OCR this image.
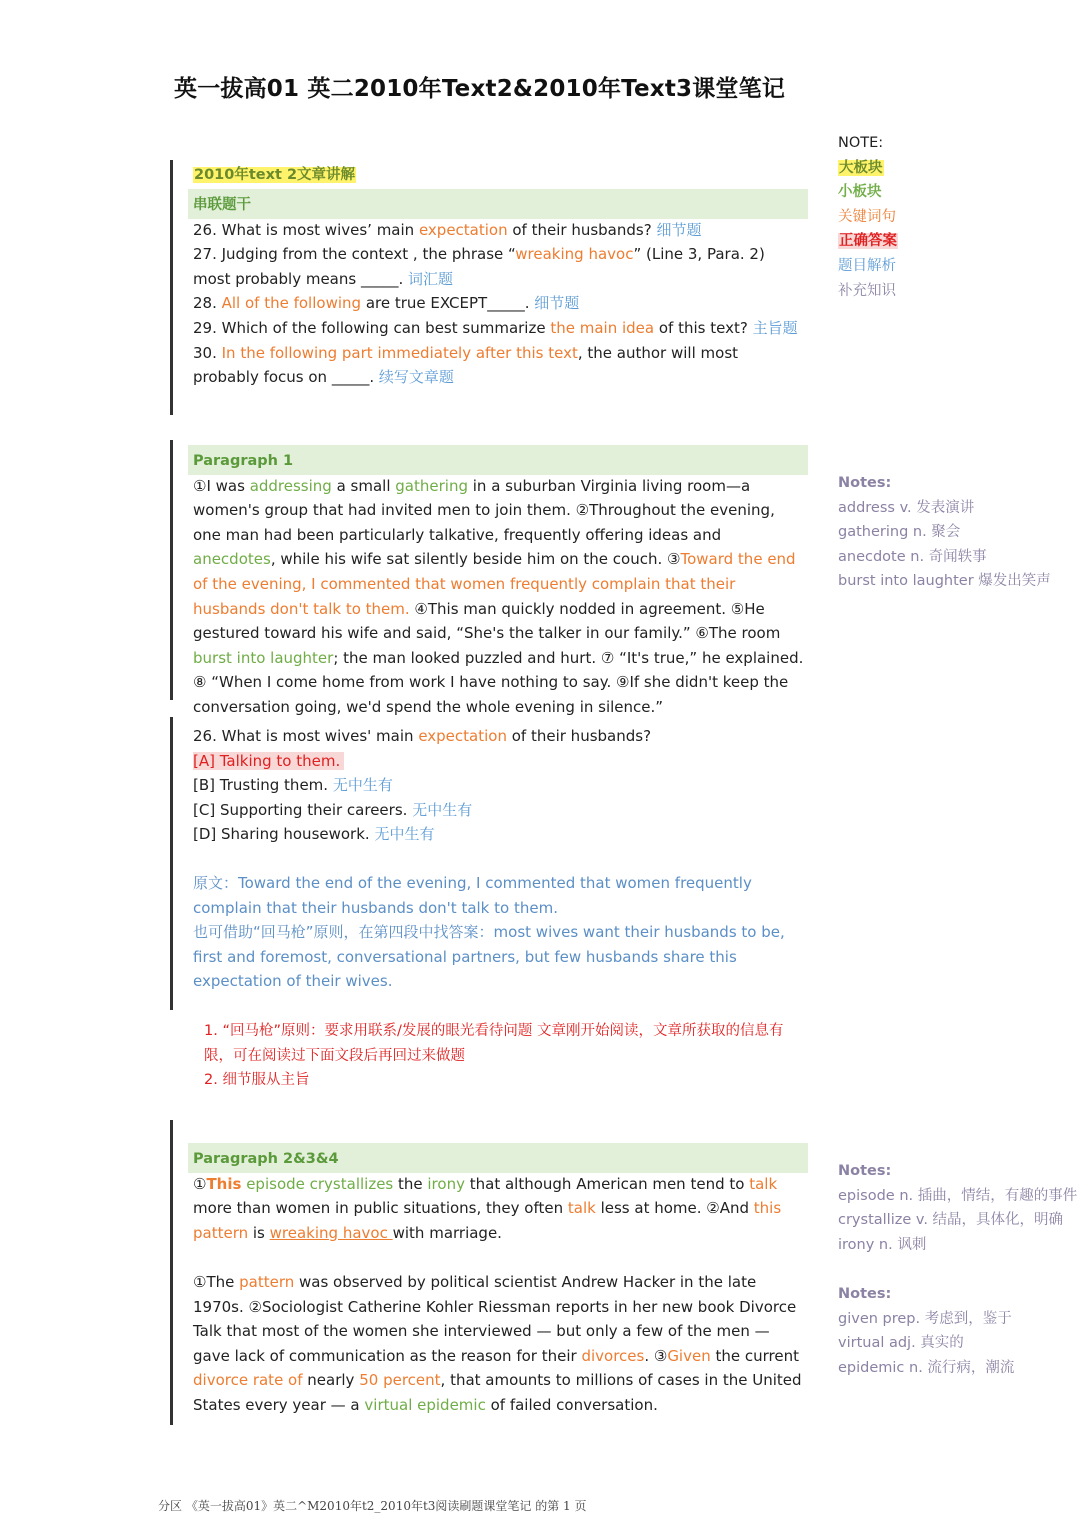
英一拔高01 英二2010年Text2&2010年Text3课堂笔记

NOTE:

大板块

小板块

关键词句

正确答案

题目解析

补充知识

2010年text 2文章讲解

串联题干

26. What is most wives’ main expectation of their husbands? 细节题

27. Judging from the context , the phrase “wreaking havoc” (Line 3, Para. 2)

most probably means _____. 词汇题

28. All of the following are true EXCEPT_____. 细节题

29. Which of the following can best summarize the main idea of this text? 主旨题

30. In the following part immediately after this text, the author will most

probably focus on _____. 续写文章题

Paragraph 1

①I was addressing a small gathering in a suburban Virginia living room—a women's group that had invited men to join them. ②Throughout the evening, one man had been particularly talkative, frequently offering ideas and anecdotes, while his wife sat silently beside him on the couch. ③Toward the end of the evening, I commented that women frequently complain that their husbands don't talk to them. ④This man quickly nodded in agreement. ⑤He gestured toward his wife and said, “She's the talker in our family.” ⑥The room burst into laughter; the man looked puzzled and hurt. ⑦ “It's true,” he explained. ⑧ “When I come home from work I have nothing to say. ⑨If she didn't keep the conversation going, we'd spend the whole evening in silence.”

Notes:

address v. 发表演讲

gathering n. 聚会

anecdote n. 奇闻轶事

burst into laughter 爆发出笑声

26. What is most wives' main expectation of their husbands?

[A] Talking to them.

[B] Trusting them. 无中生有

[C] Supporting their careers. 无中生有

[D] Sharing housework. 无中生有

原文：Toward the end of the evening, I commented that women frequently complain that their husbands don't talk to them.

也可借助“回马枪”原则，在第四段中找答案：most wives want their husbands to be, first and foremost, conversational partners, but few husbands share this expectation of their wives.

1. “回马枪”原则：要求用联系/发展的眼光看待问题 文章刚开始阅读，文章所获取的信息有限，可在阅读过下面文段后再回过来做题

2. 细节服从主旨

Paragraph 2&3&4

①This episode crystallizes the irony that although American men tend to talk more than women in public situations, they often talk less at home. ②And this pattern is wreaking havoc with marriage.

①The pattern was observed by political scientist Andrew Hacker in the late 1970s. ②Sociologist Catherine Kohler Riessman reports in her new book Divorce Talk that most of the women she interviewed — but only a few of the men — gave lack of communication as the reason for their divorces. ③Given the current divorce rate of nearly 50 percent, that amounts to millions of cases in the United States every year — a virtual epidemic of failed conversation.

Notes:

episode n. 插曲，情结，有趣的事件

crystallize v. 结晶，具体化，明确

irony n. 讽刺

Notes:

given prep. 考虑到，鉴于

virtual adj. 真实的

epidemic n. 流行病，潮流

分区 《英一拔高01》英二^M2010年t2_2010年t3阅读刷题课堂笔记 的第 1 页
